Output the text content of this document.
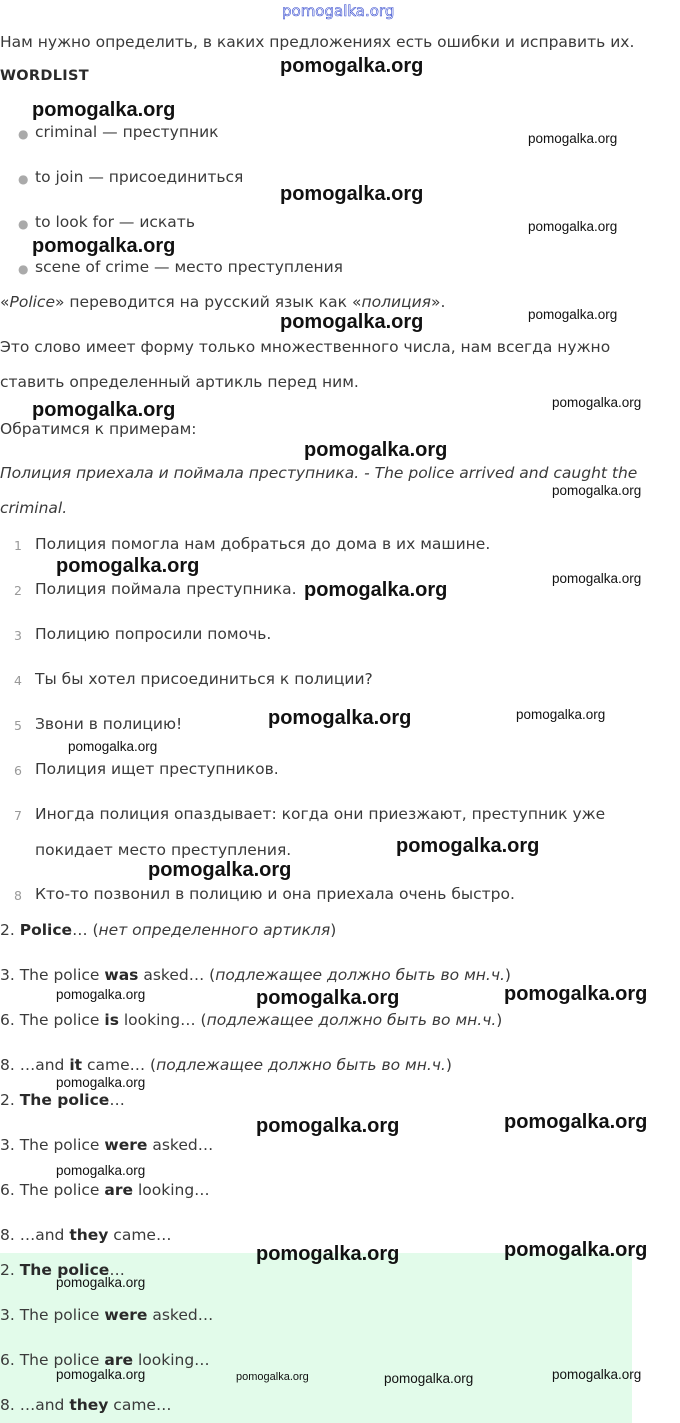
pomogalka.org
Нам нужно определить, в каких предложениях есть ошибки и исправить их.
WORDLIST
● criminal — преступник
● to join — присоединиться
● to look for — искать
● scene of crime — место преступления
«Police» переводится на русский язык как «полиция».
Это слово имеет форму только множественного числа, нам всегда нужно
ставить определенный артикль перед ним.
Обратимся к примерам:
Полиция приехала и поймала преступника. - The police arrived and caught the
criminal.
1 Полиция помогла нам добраться до дома в их машине.
2 Полиция поймала преступника.
3 Полицию попросили помочь.
4 Ты бы хотел присоединиться к полиции?
5 Звони в полицию!
6 Полиция ищет преступников.
7 Иногда полиция опаздывает: когда они приезжают, преступник уже
покидает место преступления.
8 Кто-то позвонил в полицию и она приехала очень быстро.
2. Police… (нет определенного артикля)
3. The police was asked… (подлежащее должно быть во мн.ч.)
6. The police is looking… (подлежащее должно быть во мн.ч.)
8. …and it came… (подлежащее должно быть во мн.ч.)
2. The police…
3. The police were asked…
6. The police are looking…
8. …and they came…
2. The police…
3. The police were asked…
6. The police are looking…
8. …and they came…
pomogalka.org
pomogalka.org
pomogalka.org
pomogalka.org
pomogalka.org
pomogalka.org
pomogalka.org
pomogalka.org
pomogalka.org
pomogalka.org
pomogalka.org
pomogalka.org
pomogalka.org
pomogalka.org
pomogalka.org
pomogalka.org
pomogalka.org
pomogalka.org
pomogalka.org
pomogalka.org
pomogalka.org	pomogalka.org	pomogalka.org
pomogalka.org
pomogalka.org	pomogalka.org
pomogalka.org
pomogalka.org	pomogalka.org
pomogalka.org
pomogalka.org	pomogalka.org	pomogalka.org	pomogalka.org
